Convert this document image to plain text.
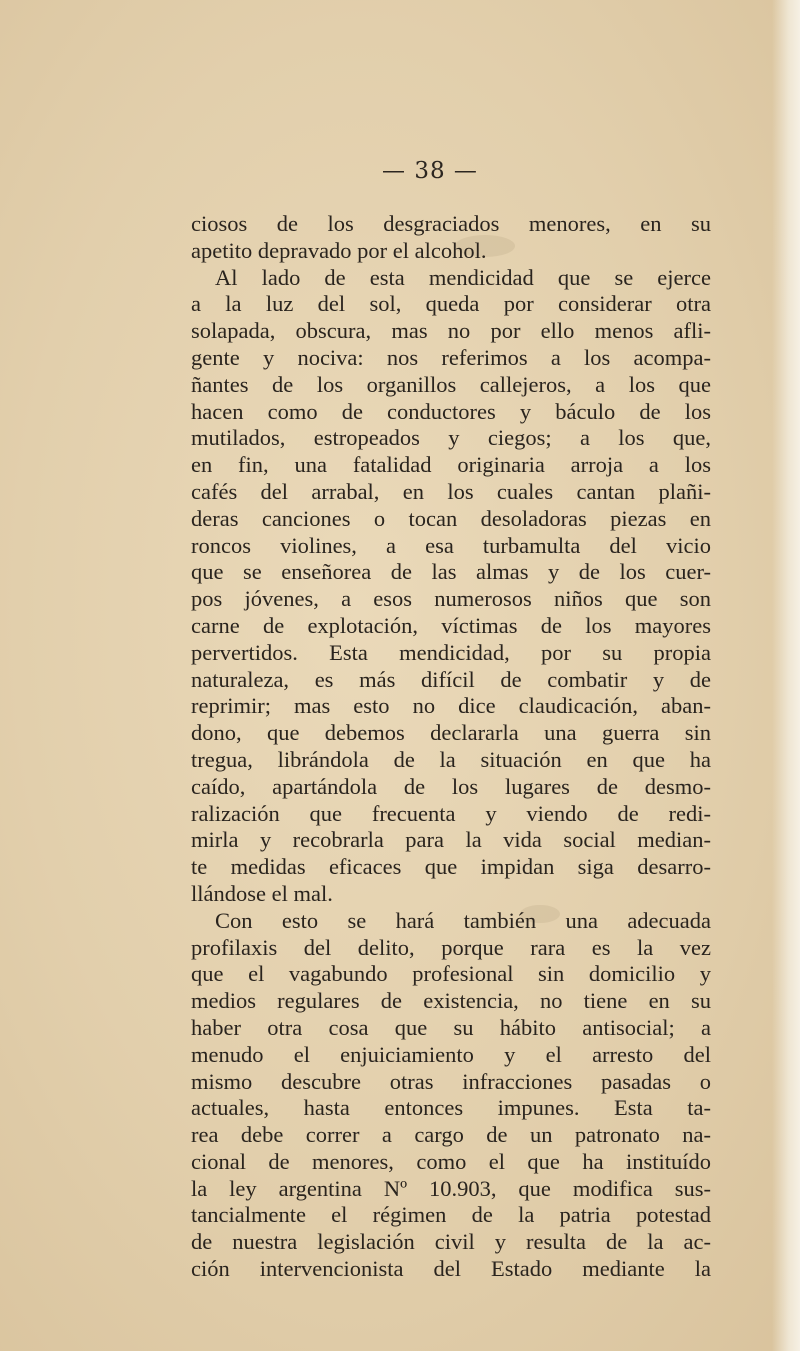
— 38 —
ciosos de los desgraciados menores, en su
apetito depravado por el alcohol.
Al lado de esta mendicidad que se ejerce
a la luz del sol, queda por considerar otra
solapada, obscura, mas no por ello menos afli-
gente y nociva: nos referimos a los acompa-
ñantes de los organillos callejeros, a los que
hacen como de conductores y báculo de los
mutilados, estropeados y ciegos; a los que,
en fin, una fatalidad originaria arroja a los
cafés del arrabal, en los cuales cantan plañi-
deras canciones o tocan desoladoras piezas en
roncos violines, a esa turbamulta del vicio
que se enseñorea de las almas y de los cuer-
pos jóvenes, a esos numerosos niños que son
carne de explotación, víctimas de los mayores
pervertidos. Esta mendicidad, por su propia
naturaleza, es más difícil de combatir y de
reprimir; mas esto no dice claudicación, aban-
dono, que debemos declararla una guerra sin
tregua, librándola de la situación en que ha
caído, apartándola de los lugares de desmo-
ralización que frecuenta y viendo de redi-
mirla y recobrarla para la vida social median-
te medidas eficaces que impidan siga desarro-
llándose el mal.
Con esto se hará también una adecuada
profilaxis del delito, porque rara es la vez
que el vagabundo profesional sin domicilio y
medios regulares de existencia, no tiene en su
haber otra cosa que su hábito antisocial; a
menudo el enjuiciamiento y el arresto del
mismo descubre otras infracciones pasadas o
actuales, hasta entonces impunes. Esta ta-
rea debe correr a cargo de un patronato na-
cional de menores, como el que ha instituído
la ley argentina Nº 10.903, que modifica sus-
tancialmente el régimen de la patria potestad
de nuestra legislación civil y resulta de la ac-
ción intervencionista del Estado mediante la
